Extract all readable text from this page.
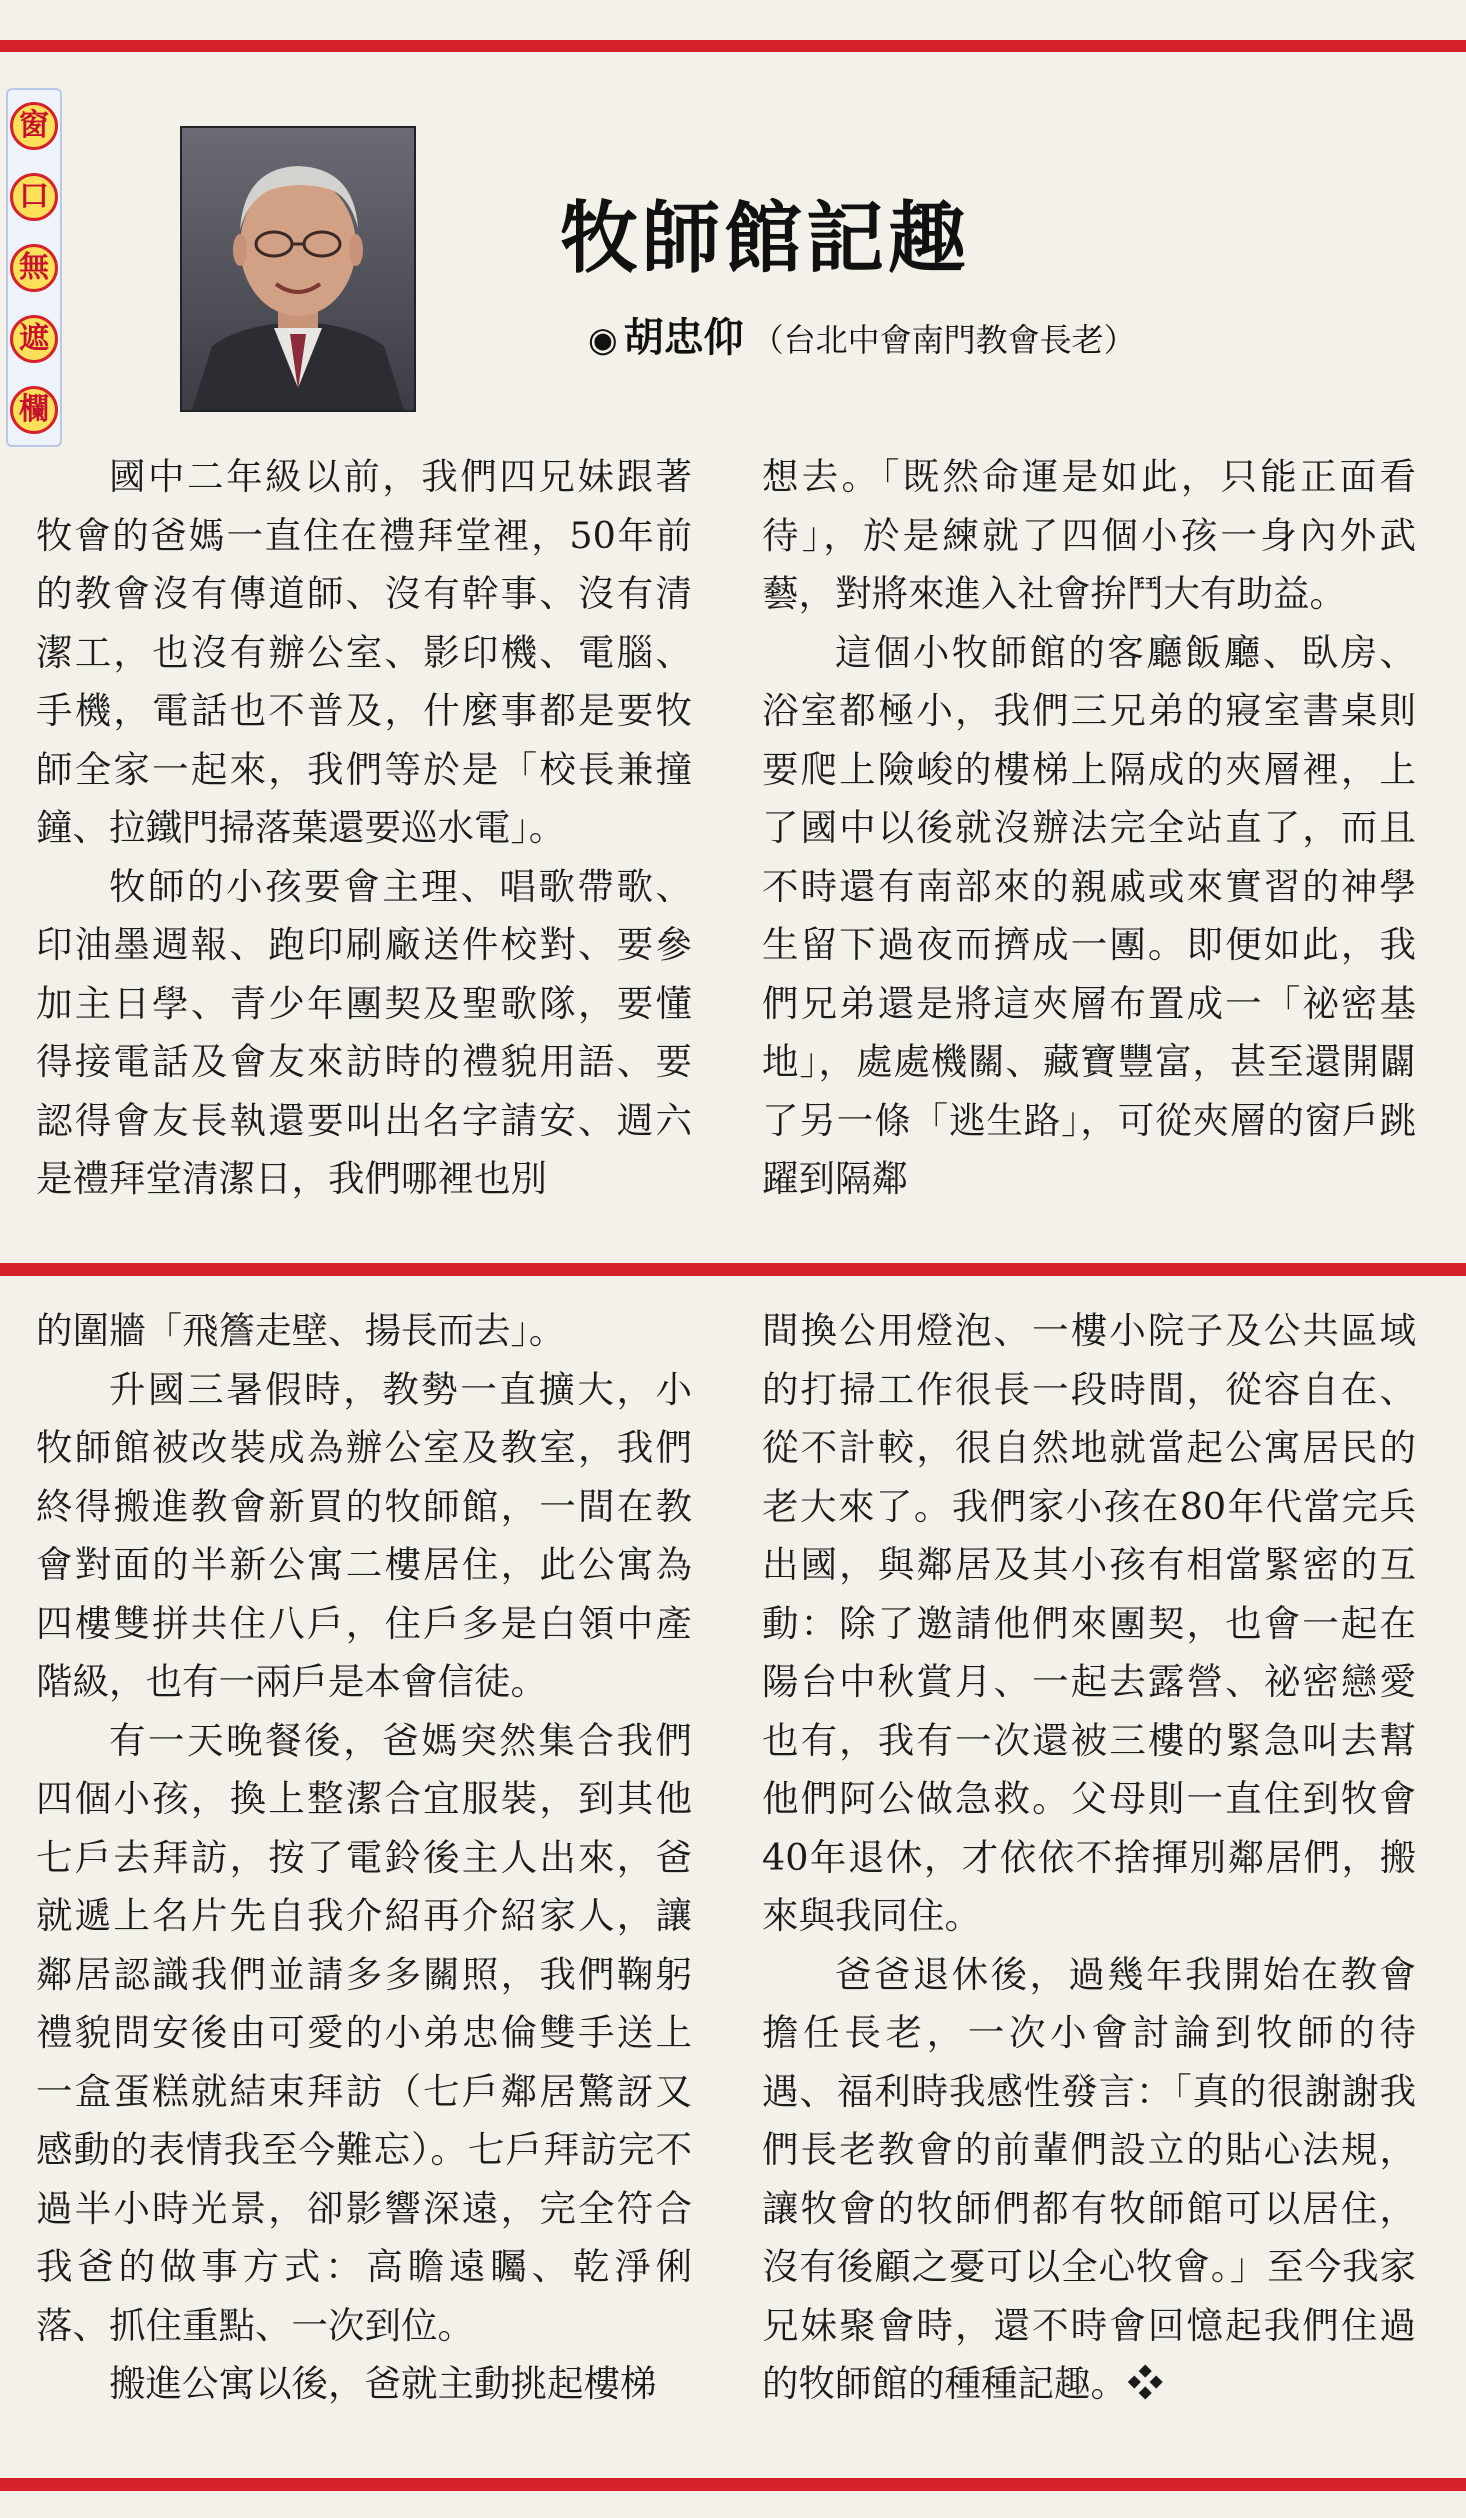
窗
口
無
遮
欄
牧師館記趣
◉ 胡忠仰 （台北中會南門教會長老）

國中二年級以前，我們四兄妹跟著牧會的爸媽一直住在禮拜堂裡，50年前的教會沒有傳道師、沒有幹事、沒有清潔工，也沒有辦公室、影印機、電腦、手機，電話也不普及，什麼事都是要牧師全家一起來，我們等於是「校長兼撞鐘、拉鐵門掃落葉還要巡水電」。

牧師的小孩要會主理、唱歌帶歌、印油墨週報、跑印刷廠送件校對、要參加主日學、青少年團契及聖歌隊，要懂得接電話及會友來訪時的禮貌用語、要認得會友長執還要叫出名字請安、週六是禮拜堂清潔日，我們哪裡也別

想去。「既然命運是如此，只能正面看待」，於是練就了四個小孩一身內外武藝，對將來進入社會拚鬥大有助益。

這個小牧師館的客廳飯廳、臥房、浴室都極小，我們三兄弟的寢室書桌則要爬上險峻的樓梯上隔成的夾層裡，上了國中以後就沒辦法完全站直了，而且不時還有南部來的親戚或來實習的神學生留下過夜而擠成一團。即便如此，我們兄弟還是將這夾層布置成一「祕密基地」，處處機關、藏寶豐富，甚至還開闢了另一條「逃生路」，可從夾層的窗戶跳躍到隔鄰

的圍牆「飛簷走壁、揚長而去」。

升國三暑假時，教勢一直擴大，小牧師館被改裝成為辦公室及教室，我們終得搬進教會新買的牧師館，一間在教會對面的半新公寓二樓居住，此公寓為四樓雙拼共住八戶，住戶多是白領中產階級，也有一兩戶是本會信徒。

有一天晚餐後，爸媽突然集合我們四個小孩，換上整潔合宜服裝，到其他七戶去拜訪，按了電鈴後主人出來，爸就遞上名片先自我介紹再介紹家人，讓鄰居認識我們並請多多關照，我們鞠躬禮貌問安後由可愛的小弟忠倫雙手送上一盒蛋糕就結束拜訪（七戶鄰居驚訝又感動的表情我至今難忘）。七戶拜訪完不過半小時光景，卻影響深遠，完全符合我爸的做事方式：高瞻遠矚、乾淨俐落、抓住重點、一次到位。

搬進公寓以後，爸就主動挑起樓梯

間換公用燈泡、一樓小院子及公共區域的打掃工作很長一段時間，從容自在、從不計較，很自然地就當起公寓居民的老大來了。我們家小孩在80年代當完兵出國，與鄰居及其小孩有相當緊密的互動：除了邀請他們來團契，也會一起在陽台中秋賞月、一起去露營、祕密戀愛也有，我有一次還被三樓的緊急叫去幫他們阿公做急救。父母則一直住到牧會40年退休，才依依不捨揮別鄰居們，搬來與我同住。

爸爸退休後，過幾年我開始在教會擔任長老，一次小會討論到牧師的待遇、福利時我感性發言：「真的很謝謝我們長老教會的前輩們設立的貼心法規，讓牧會的牧師們都有牧師館可以居住，沒有後顧之憂可以全心牧會。」至今我家兄妹聚會時，還不時會回憶起我們住過的牧師館的種種記趣。❖
